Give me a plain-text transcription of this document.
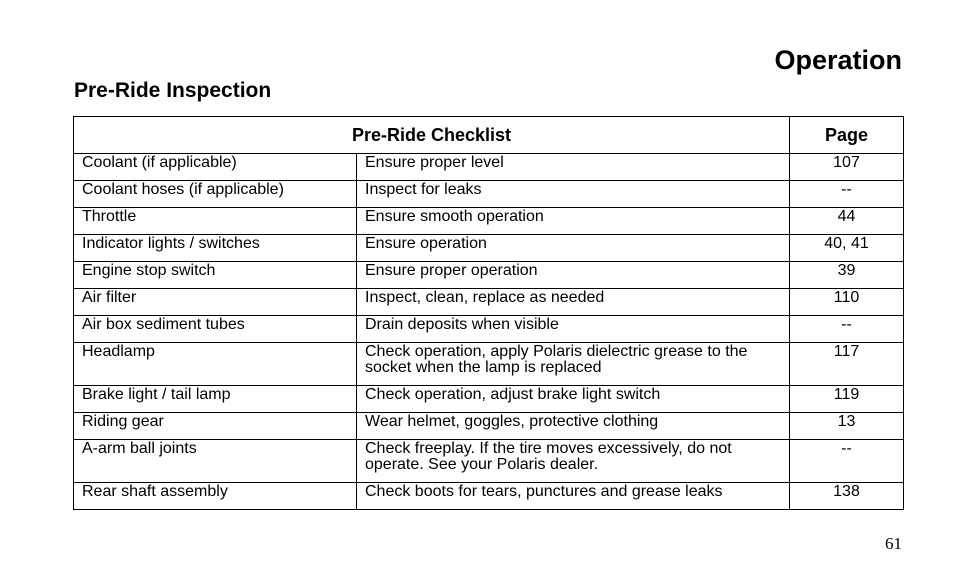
Operation
Pre-Ride Inspection
Pre-Ride Checklist		Page
Coolant (if applicable)	Ensure proper level	107
Coolant hoses (if applicable)	Inspect for leaks	--
Throttle	Ensure smooth operation	44
Indicator lights / switches	Ensure operation	40, 41
Engine stop switch	Ensure proper operation	39
Air filter	Inspect, clean, replace as needed	110
Air box sediment tubes	Drain deposits when visible	--
Headlamp	Check operation, apply Polaris dielectric grease to the socket when the lamp is replaced	117
Brake light / tail lamp	Check operation, adjust brake light switch	119
Riding gear	Wear helmet, goggles, protective clothing	13
A-arm ball joints	Check freeplay. If the tire moves excessively, do not operate. See your Polaris dealer.	--
Rear shaft assembly	Check boots for tears, punctures and grease leaks	138
61
